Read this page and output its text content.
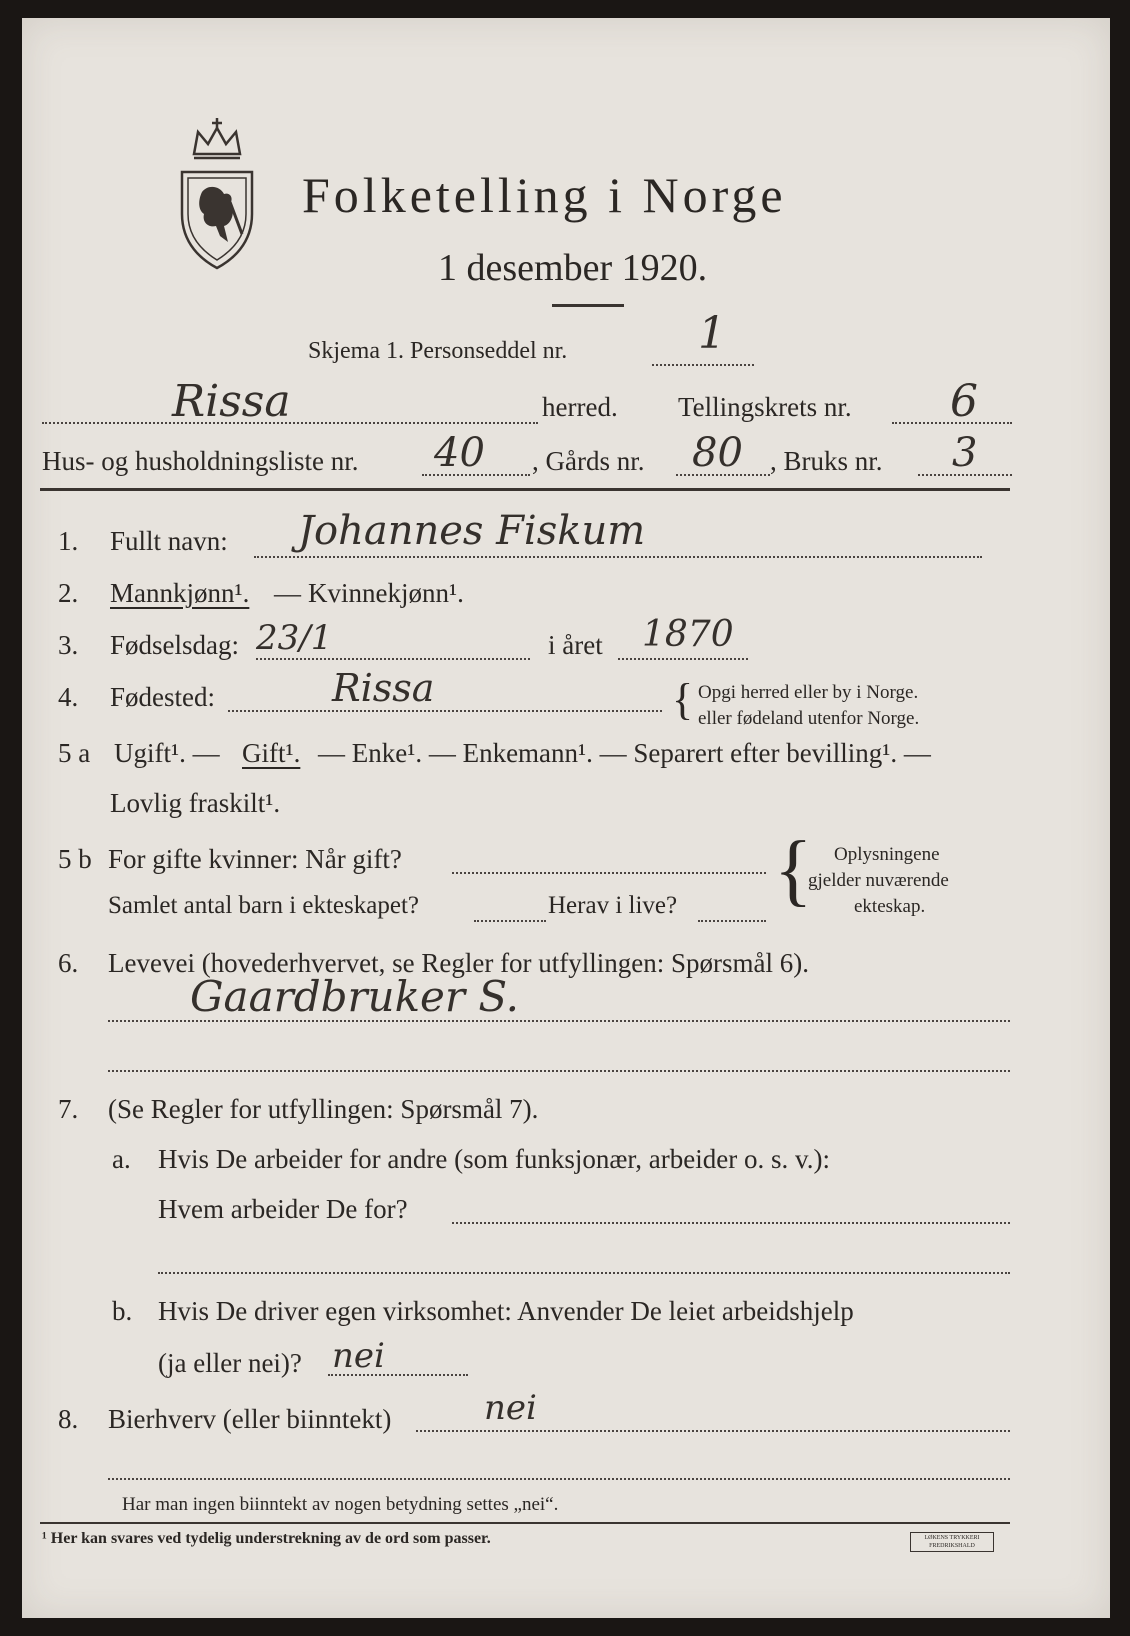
Folketelling i Norge
1 desember 1920.
Skjema 1. Personseddel nr.	1
Rissa	herred. Tellingskrets nr. 6
Hus- og husholdningsliste nr. 40 , Gårds nr. 80 , Bruks nr. 3
1. Fullt navn: Johannes Fiskum
2. Mannkjønn¹. — Kvinnekjønn¹.
3. Fødselsdag: 23/1	i året 1870
4. Fødested:	Rissa	{ Opgi herred eller by i Norge.
eller fødeland utenfor Norge.
5 a Ugift¹. — Gift¹. — Enke¹. — Enkemann¹. — Separert efter bevilling¹. —
Lovlig fraskilt¹.
5 b For gifte kvinner: Når gift?
Samlet antal barn i ekteskapet?	Herav i live? { Oplysningene
gjelder nuværende
ekteskap.
6. Levevei (hovederhvervet, se Regler for utfyllingen: Spørsmål 6).
Gaardbruker S.
7. (Se Regler for utfyllingen: Spørsmål 7).
a. Hvis De arbeider for andre (som funksjonær, arbeider o. s. v.):
Hvem arbeider De for?
b. Hvis De driver egen virksomhet: Anvender De leiet arbeidshjelp
(ja eller nei)? nei
8. Bierhverv (eller biinntekt)	nei
Har man ingen biinntekt av nogen betydning settes „nei“.
¹ Her kan svares ved tydelig understrekning av de ord som passer.	LØKENS TRYKKERI FREDRIKSHALD
